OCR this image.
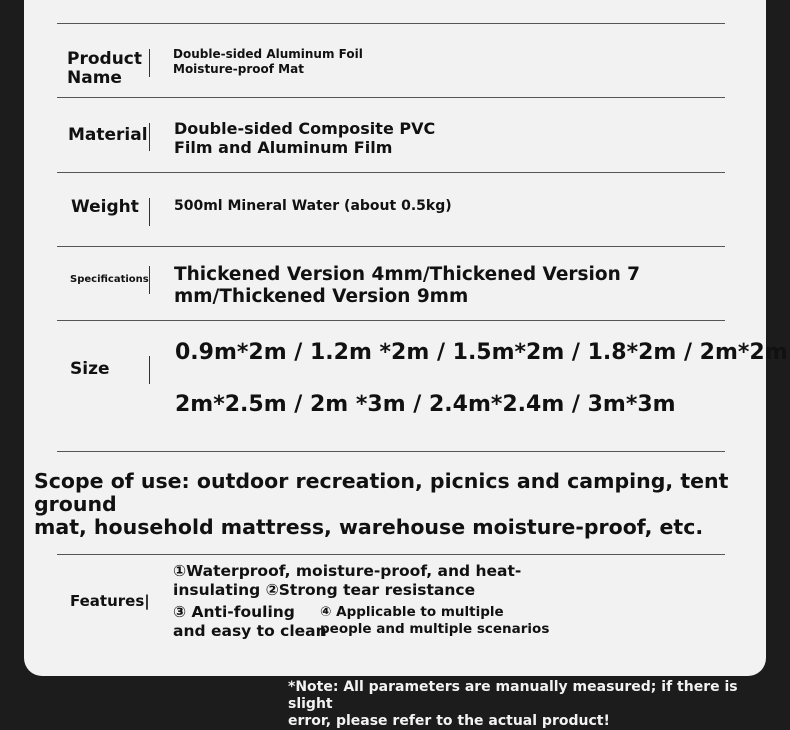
Product
Name
Double-sided Aluminum Foil
Moisture-proof Mat
Material Double-sided Composite PVC
Film and Aluminum Film
Weight	500ml Mineral Water (about 0.5kg)
Specifications Thickened Version 4mm/Thickened Version 7
mm/Thickened Version 9mm
Size
0.9m*2m / 1.2m *2m / 1.5m*2m / 1.8*2m / 2m*2m
2m*2.5m / 2m *3m / 2.4m*2.4m / 3m*3m
Scope of use: outdoor recreation, picnics and camping, tent ground
mat, household mattress, warehouse moisture-proof, etc.
Features|
①Waterproof, moisture-proof, and heat-
insulating ②Strong tear resistance
③ Anti-fouling
and easy to clean
④ Applicable to multiple
people and multiple scenarios
*Note: All parameters are manually measured; if there is slight
error, please refer to the actual product!
